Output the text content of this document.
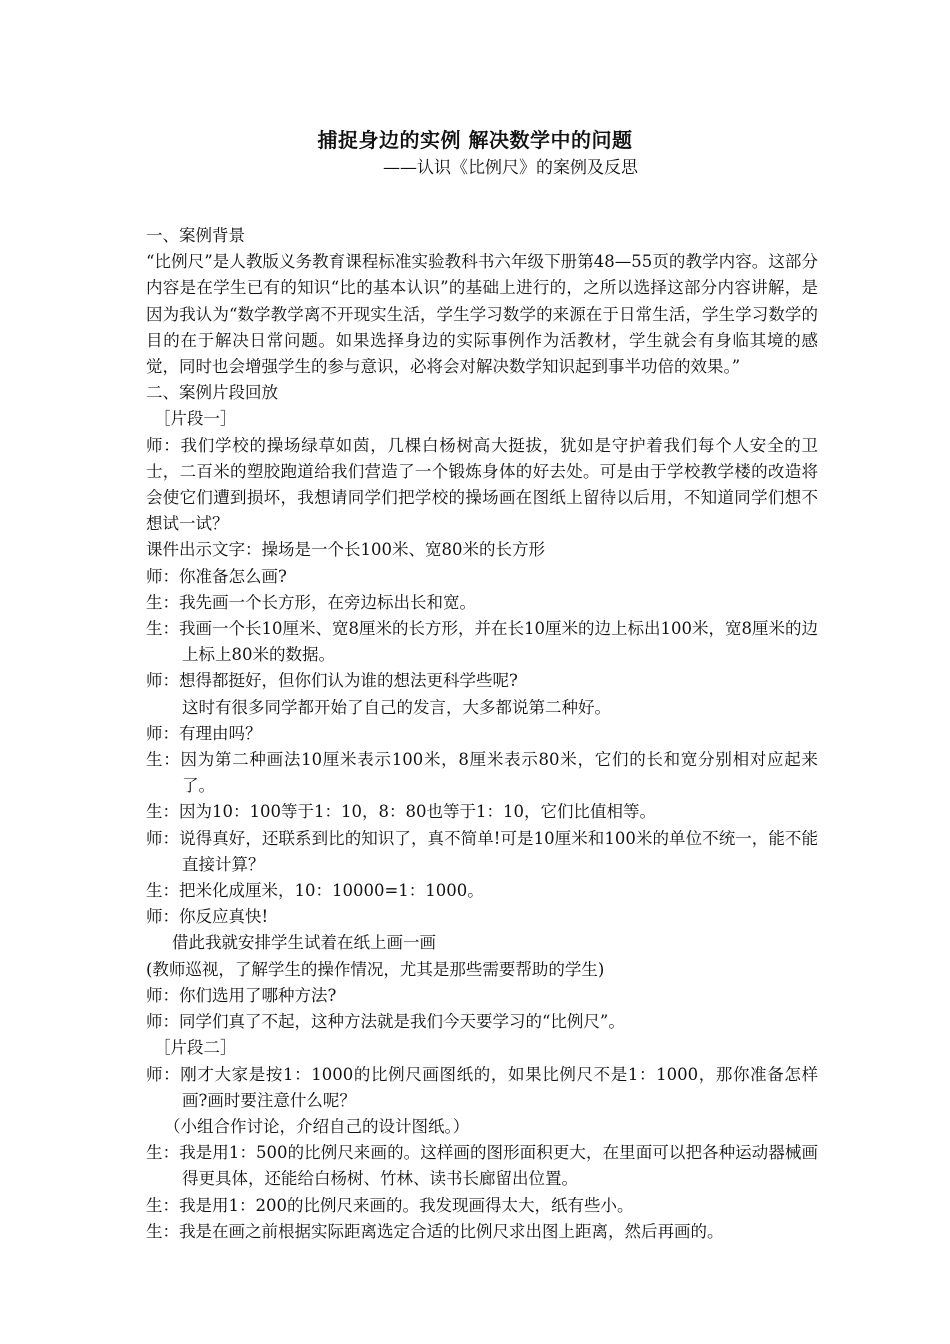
捕捉身边的实例 解决数学中的问题
——认识《比例尺》的案例及反思
一、案例背景
“比例尺”是人教版义务教育课程标准实验教科书六年级下册第48—55页的教学内容。这部分内容是在学生已有的知识“比的基本认识”的基础上进行的，之所以选择这部分内容讲解，是因为我认为“数学教学离不开现实生活，学生学习数学的来源在于日常生活，学生学习数学的目的在于解决日常问题。如果选择身边的实际事例作为活教材，学生就会有身临其境的感觉，同时也会增强学生的参与意识，必将会对解决数学知识起到事半功倍的效果。”
二、案例片段回放
［片段一］
师：我们学校的操场绿草如茵，几棵白杨树高大挺拔，犹如是守护着我们每个人安全的卫士，二百米的塑胶跑道给我们营造了一个锻炼身体的好去处。可是由于学校教学楼的改造将会使它们遭到损坏，我想请同学们把学校的操场画在图纸上留待以后用，不知道同学们想不想试一试？
课件出示文字：操场是一个长100米、宽80米的长方形
师：你准备怎么画?
生：我先画一个长方形，在旁边标出长和宽。
生：我画一个长10厘米、宽8厘米的长方形，并在长10厘米的边上标出100米，宽8厘米的边上标上80米的数据。
师：想得都挺好，但你们认为谁的想法更科学些呢?
这时有很多同学都开始了自己的发言，大多都说第二种好。
师：有理由吗？
生：因为第二种画法10厘米表示100米，8厘米表示80米，它们的长和宽分别相对应起来了。
生：因为10：100等于1：10，8：80也等于1：10，它们比值相等。
师：说得真好，还联系到比的知识了，真不简单!可是10厘米和100米的单位不统一，能不能直接计算？
生：把米化成厘米，10：10000=1：1000。
师：你反应真快!
借此我就安排学生试着在纸上画一画
(教师巡视，了解学生的操作情况，尤其是那些需要帮助的学生)
师：你们选用了哪种方法?
师：同学们真了不起，这种方法就是我们今天要学习的“比例尺”。
［片段二］
师：刚才大家是按1：1000的比例尺画图纸的，如果比例尺不是1：1000，那你准备怎样画?画时要注意什么呢？
（小组合作讨论，介绍自己的设计图纸。）
生：我是用1：500的比例尺来画的。这样画的图形面积更大，在里面可以把各种运动器械画得更具体，还能给白杨树、竹林、读书长廊留出位置。
生：我是用1：200的比例尺来画的。我发现画得太大，纸有些小。
生：我是在画之前根据实际距离选定合适的比例尺求出图上距离，然后再画的。
